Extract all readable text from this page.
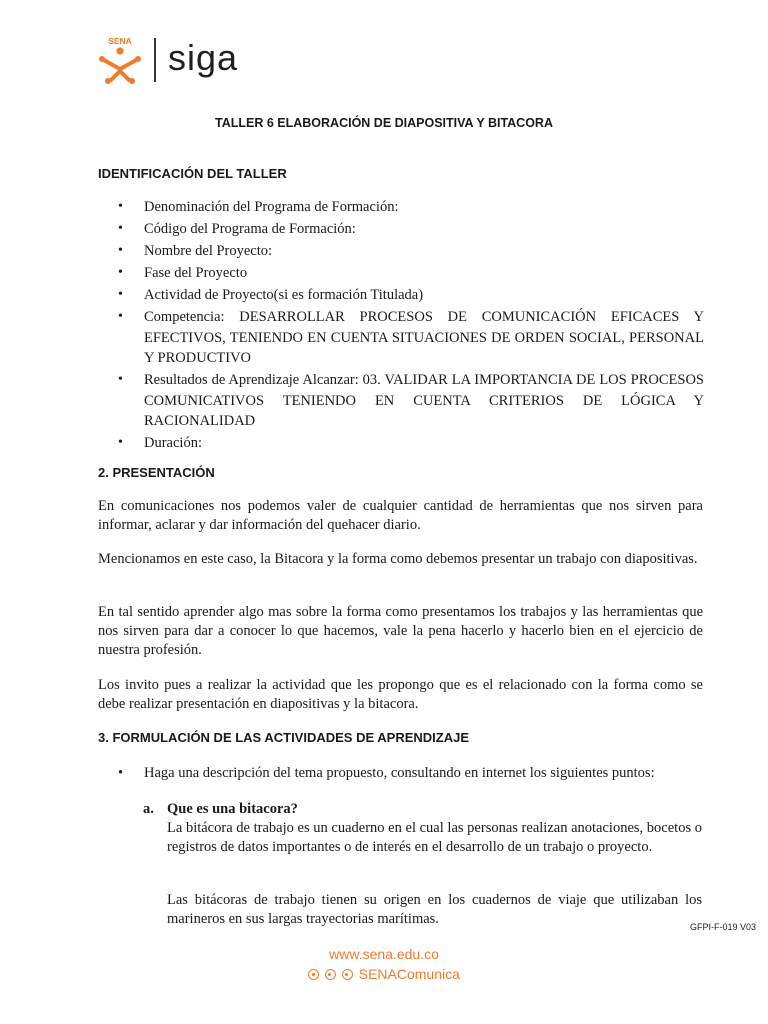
SENA siga
TALLER 6 ELABORACIÓN DE DIAPOSITIVA Y BITACORA
IDENTIFICACIÓN DEL TALLER
• Denominación del Programa de Formación:
• Código del Programa de Formación:
• Nombre del Proyecto:
• Fase del Proyecto
• Actividad de Proyecto(si es formación Titulada)
• Competencia: DESARROLLAR PROCESOS DE COMUNICACIÓN EFICACES Y EFECTIVOS, TENIENDO EN CUENTA SITUACIONES DE ORDEN SOCIAL, PERSONAL Y PRODUCTIVO
• Resultados de Aprendizaje Alcanzar: 03. VALIDAR LA IMPORTANCIA DE LOS PROCESOS COMUNICATIVOS TENIENDO EN CUENTA CRITERIOS DE LÓGICA Y RACIONALIDAD
• Duración:
2. PRESENTACIÓN

En comunicaciones nos podemos valer de cualquier cantidad de herramientas que nos sirven para informar, aclarar y dar información del quehacer diario.

Mencionamos en este caso, la Bitacora y la forma como debemos presentar un trabajo con diapositivas.

En tal sentido aprender algo mas sobre la forma como presentamos los trabajos y las herramientas que nos sirven para dar a conocer lo que hacemos, vale la pena hacerlo y hacerlo bien en el ejercicio de nuestra profesión.

Los invito pues a realizar la actividad que les propongo que es el relacionado con la forma como se debe realizar presentación en diapositivas y la bitacora.

3. FORMULACIÓN DE LAS ACTIVIDADES DE APRENDIZAJE
• Haga una descripción del tema propuesto, consultando en internet los siguientes puntos:
a. Que es una bitacora?

La bitácora de trabajo es un cuaderno en el cual las personas realizan anotaciones, bocetos o registros de datos importantes o de interés en el desarrollo de un trabajo o proyecto.

Las bitácoras de trabajo tienen su origen en los cuadernos de viaje que utilizaban los marineros en sus largas trayectorias marítimas.	GFPI-F-019 V03
www.sena.edu.co
SENAComunica
